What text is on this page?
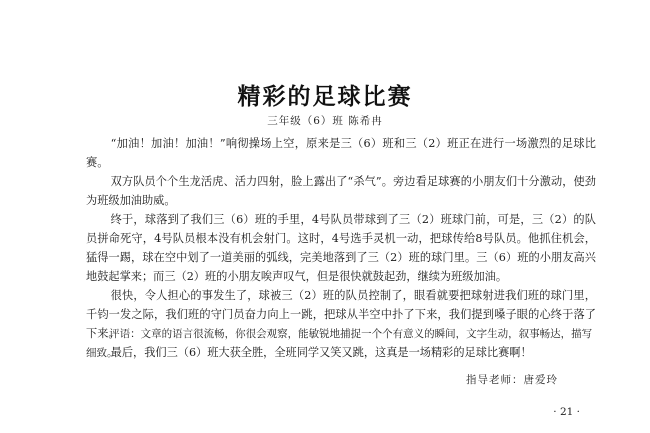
精彩的足球比赛
三年级（6）班 陈希冉

“加油！加油！加油！”响彻操场上空，原来是三（6）班和三（2）班正在进行一场激烈的足球比赛。

双方队员个个生龙活虎、活力四射，脸上露出了“杀气”。旁边看足球赛的小朋友们十分激动，使劲为班级加油助威。

终于，球落到了我们三（6）班的手里，4号队员带球到了三（2）班球门前，可是，三（2）的队员拼命死守，4号队员根本没有机会射门。这时，4号选手灵机一动，把球传给8号队员。他抓住机会，猛得一踢，球在空中划了一道美丽的弧线，完美地落到了三（2）班的球门里。三（6）班的小朋友高兴地鼓起掌来；而三（2）班的小朋友唉声叹气，但是很快就鼓起劲，继续为班级加油。

很快，令人担心的事发生了，球被三（2）班的队员控制了，眼看就要把球射进我们班的球门里，千钧一发之际，我们班的守门员奋力向上一跳，把球从半空中扑了下来，我们提到嗓子眼的心终于落了下来。

最后，我们三（6）班大获全胜，全班同学又笑又跳，这真是一场精彩的足球比赛啊！

评语：文章的语言很流畅，你很会观察，能敏锐地捕捉一个个有意义的瞬间，文字生动，叙事畅达，描写细致。
指导老师：唐爱玲
· 21 ·
